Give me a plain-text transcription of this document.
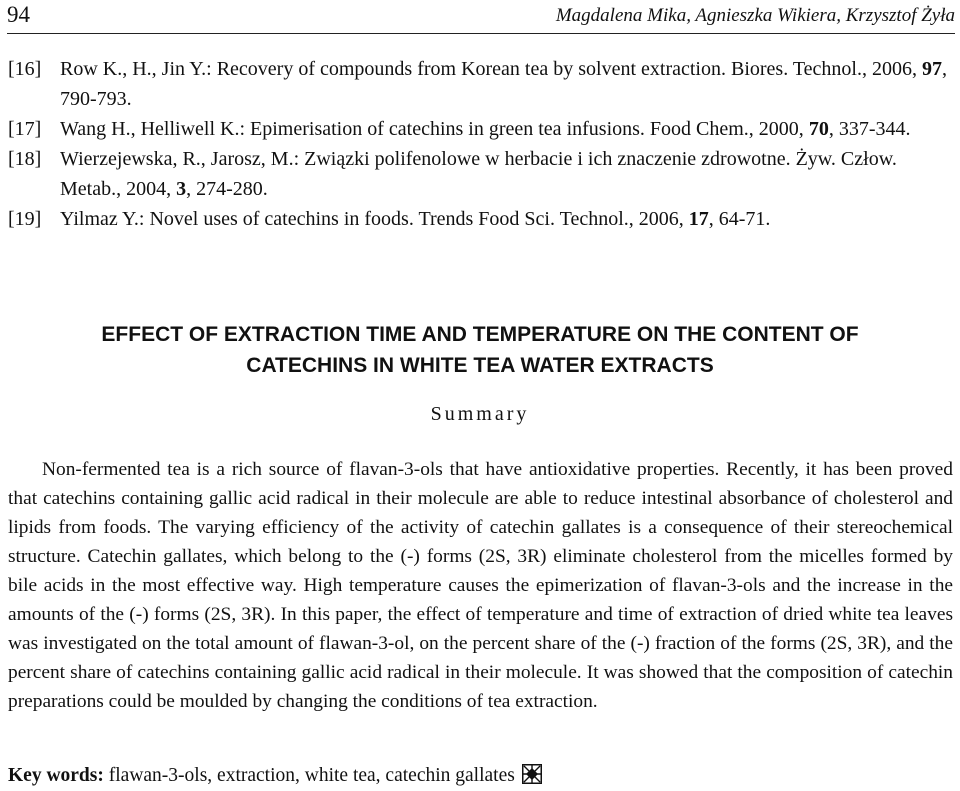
94	Magdalena Mika, Agnieszka Wikiera, Krzysztof Żyła
[16] Row K., H., Jin Y.: Recovery of compounds from Korean tea by solvent extraction. Biores. Technol., 2006, 97, 790-793.
[17] Wang H., Helliwell K.: Epimerisation of catechins in green tea infusions. Food Chem., 2000, 70, 337-344.
[18] Wierzejewska, R., Jarosz, M.: Związki polifenolowe w herbacie i ich znaczenie zdrowotne. Żyw. Człow. Metab., 2004, 3, 274-280.
[19] Yilmaz Y.: Novel uses of catechins in foods. Trends Food Sci. Technol., 2006, 17, 64-71.
EFFECT OF EXTRACTION TIME AND TEMPERATURE ON THE CONTENT OF CATECHINS IN WHITE TEA WATER EXTRACTS
Summary

Non-fermented tea is a rich source of flavan-3-ols that have antioxidative properties. Recently, it has been proved that catechins containing gallic acid radical in their molecule are able to reduce intestinal absorbance of cholesterol and lipids from foods. The varying efficiency of the activity of catechin gallates is a consequence of their stereochemical structure. Catechin gallates, which belong to the (-) forms (2S, 3R) eliminate cholesterol from the micelles formed by bile acids in the most effective way. High temperature causes the epimerization of flavan-3-ols and the increase in the amounts of the (-) forms (2S, 3R). In this paper, the effect of temperature and time of extraction of dried white tea leaves was investigated on the total amount of flawan-3-ol, on the percent share of the (-) fraction of the forms (2S, 3R), and the percent share of catechins containing gallic acid radical in their molecule. It was showed that the composition of catechin preparations could be moulded by changing the conditions of tea extraction.

Key words: flawan-3-ols, extraction, white tea, catechin gallates
